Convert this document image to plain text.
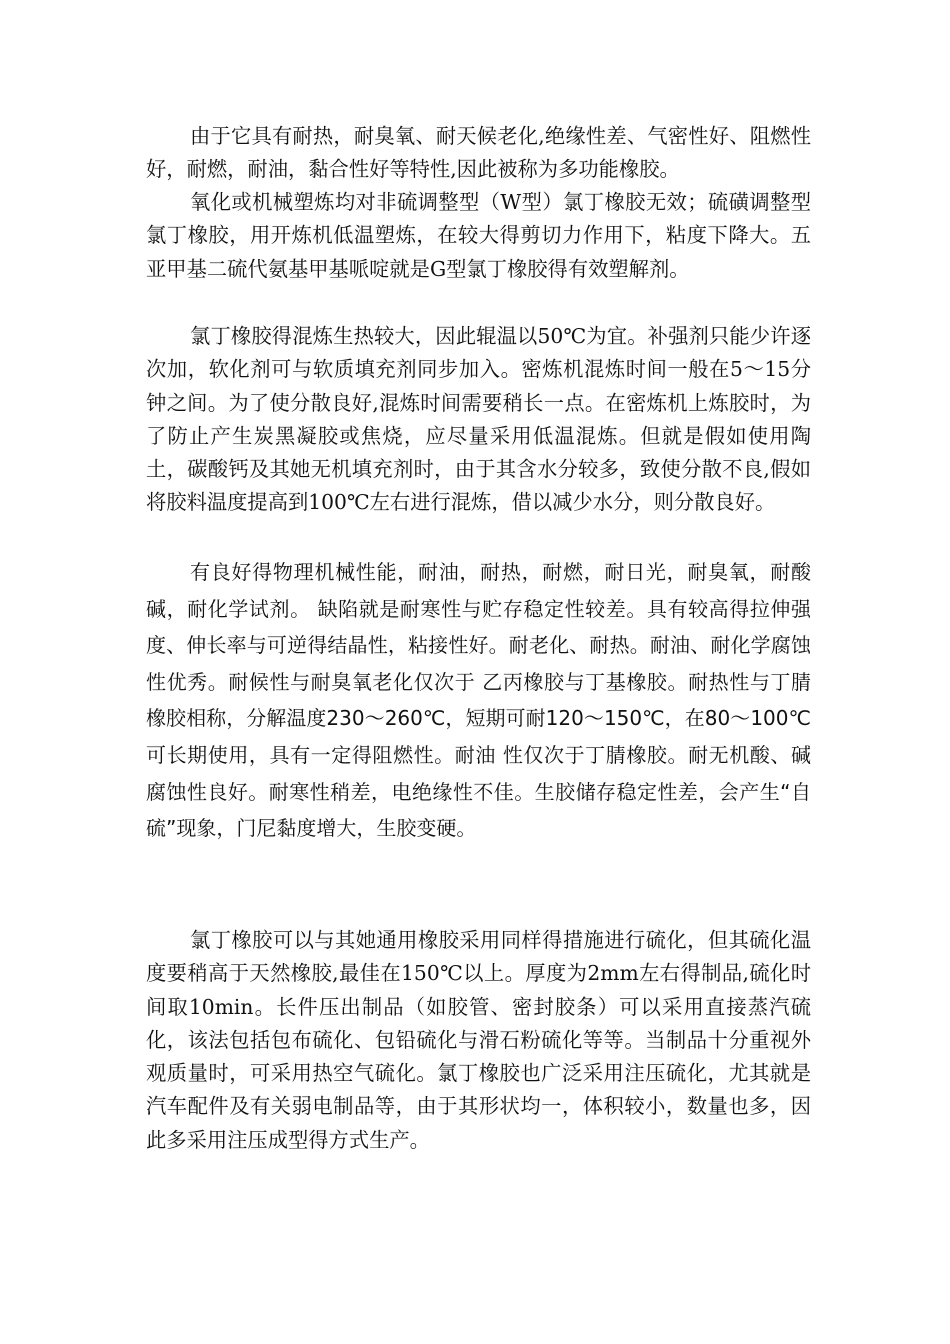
由于它具有耐热，耐臭氧、耐天候老化,绝缘性差、气密性好、阻燃性好，耐燃，耐油，黏合性好等特性,因此被称为多功能橡胶。

氧化或机械塑炼均对非硫调整型（W型）氯丁橡胶无效；硫磺调整型氯丁橡胶，用开炼机低温塑炼，在较大得剪切力作用下，粘度下降大。五亚甲基二硫代氨基甲基哌啶就是G型氯丁橡胶得有效塑解剂。

氯丁橡胶得混炼生热较大，因此辊温以50℃为宜。补强剂只能少许逐次加，软化剂可与软质填充剂同步加入。密炼机混炼时间一般在5～15分钟之间。为了使分散良好,混炼时间需要稍长一点。在密炼机上炼胶时，为了防止产生炭黑凝胶或焦烧，应尽量采用低温混炼。但就是假如使用陶土，碳酸钙及其她无机填充剂时，由于其含水分较多，致使分散不良,假如将胶料温度提高到100℃左右进行混炼，借以减少水分，则分散良好。

有良好得物理机械性能，耐油，耐热，耐燃，耐日光，耐臭氧，耐酸碱，耐化学试剂。 缺陷就是耐寒性与贮存稳定性较差。具有较高得拉伸强度、伸长率与可逆得结晶性，粘接性好。耐老化、耐热。耐油、耐化学腐蚀性优秀。耐候性与耐臭氧老化仅次于 乙丙橡胶与丁基橡胶。耐热性与丁腈橡胶相称，分解温度230～260℃，短期可耐120～150℃，在80～100℃可长期使用，具有一定得阻燃性。耐油 性仅次于丁腈橡胶。耐无机酸、碱腐蚀性良好。耐寒性稍差，电绝缘性不佳。生胶储存稳定性差，会产生“自硫”现象，门尼黏度增大，生胶变硬。

氯丁橡胶可以与其她通用橡胶采用同样得措施进行硫化，但其硫化温度要稍高于天然橡胶,最佳在150℃以上。厚度为2mm左右得制品,硫化时间取10min。长件压出制品（如胶管、密封胶条）可以采用直接蒸汽硫化，该法包括包布硫化、包铅硫化与滑石粉硫化等等。当制品十分重视外观质量时，可采用热空气硫化。氯丁橡胶也广泛采用注压硫化，尤其就是汽车配件及有关弱电制品等，由于其形状均一，体积较小，数量也多，因此多采用注压成型得方式生产。
